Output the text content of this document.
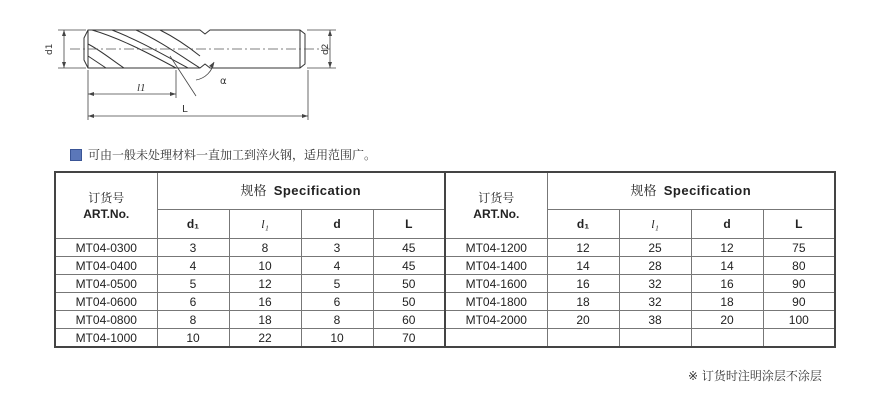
d1	d2
l1
L
α
可由一般未处理材料一直加工到淬火钢，适用范围广。
订货号
ART.No.	规格 Specification				订货号
ART.No.	规格 Specification			
	d₁	l₁	d	L		d₁	l₁	d	L
MT04-0300	3	8	3	45	MT04-1200	12	25	12	75
MT04-0400	4	10	4	45	MT04-1400	14	28	14	80
MT04-0500	5	12	5	50	MT04-1600	16	32	16	90
MT04-0600	6	16	6	50	MT04-1800	18	32	18	90
MT04-0800	8	18	8	60	MT04-2000	20	38	20	100
MT04-1000	10	22	10	70					
※ 订货时注明涂层不涂层
